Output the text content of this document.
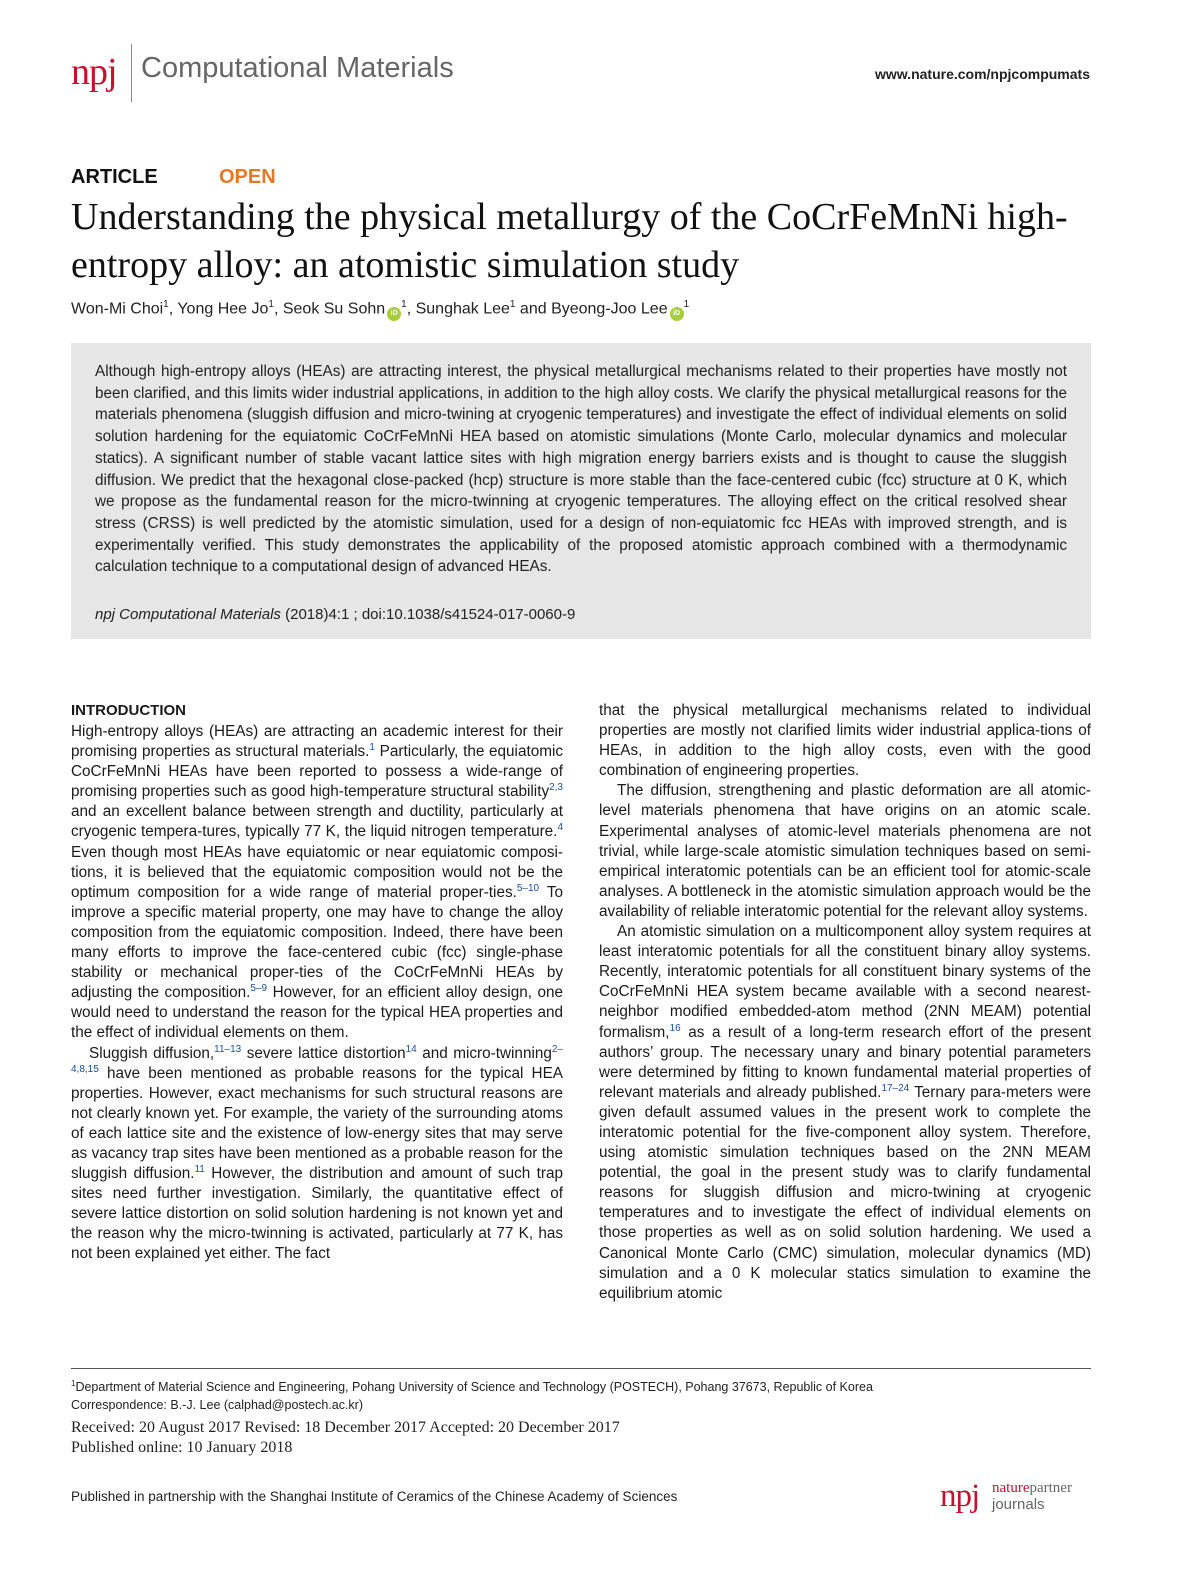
npj Computational Materials	www.nature.com/npjcompumats
ARTICLE	OPEN
Understanding the physical metallurgy of the CoCrFeMnNi high-entropy alloy: an atomistic simulation study
Won-Mi Choi$^1$, Yong Hee Jo$^1$, Seok Su Sohn $iD^1$, Sunghak Lee$^1$ and Byeong-Joo Lee $iD^1$
Although high-entropy alloys (HEAs) are attracting interest, the physical metallurgical mechanisms related to their properties have mostly not been clarified, and this limits wider industrial applications, in addition to the high alloy costs. We clarify the physical metallurgical reasons for the materials phenomena (sluggish diffusion and micro-twining at cryogenic temperatures) and investigate the effect of individual elements on solid solution hardening for the equiatomic CoCrFeMnNi HEA based on atomistic simulations (Monte Carlo, molecular dynamics and molecular statics). A significant number of stable vacant lattice sites with high migration energy barriers exists and is thought to cause the sluggish diffusion. We predict that the hexagonal close-packed (hcp) structure is more stable than the face-centered cubic (fcc) structure at 0 K, which we propose as the fundamental reason for the micro-twinning at cryogenic temperatures. The alloying effect on the critical resolved shear stress (CRSS) is well predicted by the atomistic simulation, used for a design of non-equiatomic fcc HEAs with improved strength, and is experimentally verified. This study demonstrates the applicability of the proposed atomistic approach combined with a thermodynamic calculation technique to a computational design of advanced HEAs.
npj Computational Materials (2018)4:1 ; doi:10.1038/s41524-017-0060-9
INTRODUCTION

High-entropy alloys (HEAs) are attracting an academic interest for their promising properties as structural materials.$^1$ Particularly, the equiatomic CoCrFeMnNi HEAs have been reported to possess a wide-range of promising properties such as good high-temperature structural stability$^{2,3}$ and an excellent balance between strength and ductility, particularly at cryogenic tempera-tures, typically 77 K, the liquid nitrogen temperature.$^4$ Even though most HEAs have equiatomic or near equiatomic composi-tions, it is believed that the equiatomic composition would not be the optimum composition for a wide range of material proper-ties.$^{5-10}$ To improve a specific material property, one may have to change the alloy composition from the equiatomic composition. Indeed, there have been many efforts to improve the face-centered cubic (fcc) single-phase stability or mechanical proper-ties of the CoCrFeMnNi HEAs by adjusting the composition.$^{5-9}$ However, for an efficient alloy design, one would need to understand the reason for the typical HEA properties and the effect of individual elements on them.

Sluggish diffusion,$^{11-13}$ severe lattice distortion$^{14}$ and micro-twinning$^{2-4,8,15}$ have been mentioned as probable reasons for the typical HEA properties. However, exact mechanisms for such structural reasons are not clearly known yet. For example, the variety of the surrounding atoms of each lattice site and the existence of low-energy sites that may serve as vacancy trap sites have been mentioned as a probable reason for the sluggish diffusion.$^{11}$ However, the distribution and amount of such trap sites need further investigation. Similarly, the quantitative effect of severe lattice distortion on solid solution hardening is not known yet and the reason why the micro-twinning is activated, particularly at 77 K, has not been explained yet either. The fact

that the physical metallurgical mechanisms related to individual properties are mostly not clarified limits wider industrial applica-tions of HEAs, in addition to the high alloy costs, even with the good combination of engineering properties.

The diffusion, strengthening and plastic deformation are all atomic-level materials phenomena that have origins on an atomic scale. Experimental analyses of atomic-level materials phenomena are not trivial, while large-scale atomistic simulation techniques based on semi-empirical interatomic potentials can be an efficient tool for atomic-scale analyses. A bottleneck in the atomistic simulation approach would be the availability of reliable interatomic potential for the relevant alloy systems.

An atomistic simulation on a multicomponent alloy system requires at least interatomic potentials for all the constituent binary alloy systems. Recently, interatomic potentials for all constituent binary systems of the CoCrFeMnNi HEA system became available with a second nearest-neighbor modified embedded-atom method (2NN MEAM) potential formalism,$^{16}$ as a result of a long-term research effort of the present authors’ group. The necessary unary and binary potential parameters were determined by fitting to known fundamental material properties of relevant materials and already published.$^{17-24}$ Ternary para-meters were given default assumed values in the present work to complete the interatomic potential for the five-component alloy system. Therefore, using atomistic simulation techniques based on the 2NN MEAM potential, the goal in the present study was to clarify fundamental reasons for sluggish diffusion and micro-twining at cryogenic temperatures and to investigate the effect of individual elements on those properties as well as on solid solution hardening. We used a Canonical Monte Carlo (CMC) simulation, molecular dynamics (MD) simulation and a 0 K molecular statics simulation to examine the equilibrium atomic

$^1$Department of Material Science and Engineering, Pohang University of Science and Technology (POSTECH), Pohang 37673, Republic of Korea
Correspondence: B.-J. Lee (calphad@postech.ac.kr)
Received: 20 August 2017 Revised: 18 December 2017 Accepted: 20 December 2017
Published online: 10 January 2018
Published in partnership with the Shanghai Institute of Ceramics of the Chinese Academy of Sciences	npj naturepartner
journals
